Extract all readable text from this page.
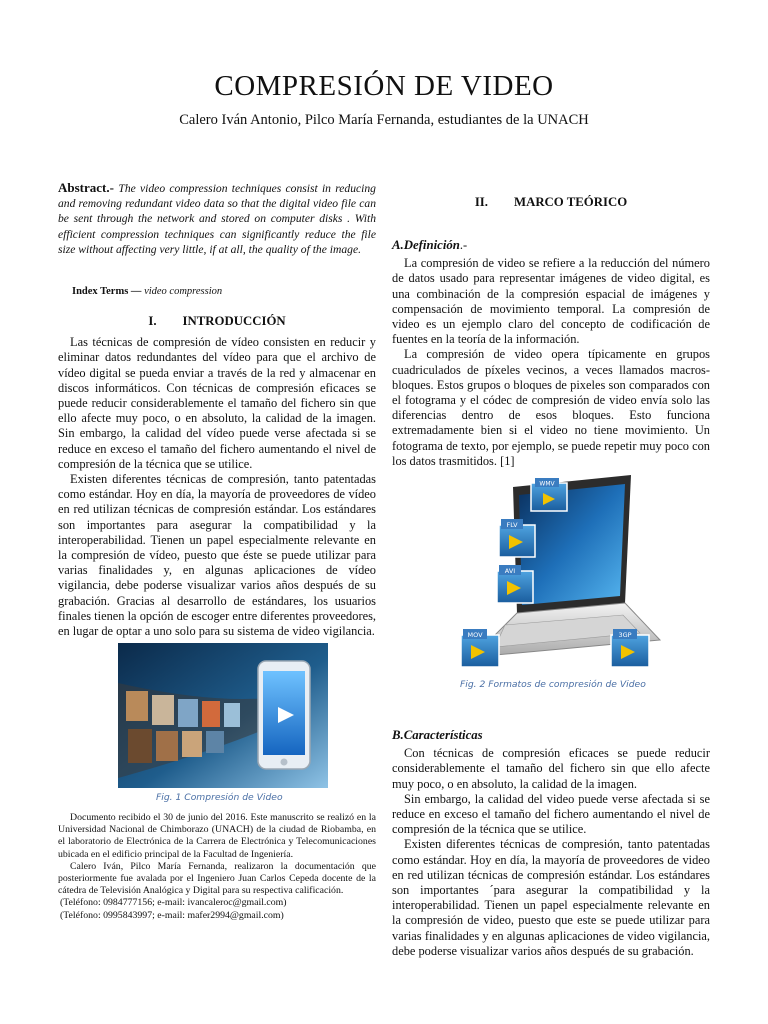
COMPRESIÓN DE VIDEO
Calero Iván Antonio, Pilco María Fernanda, estudiantes de la UNACH
Abstract.- The video compression techniques consist in reducing and removing redundant video data so that the digital video file can be sent through the network and stored on computer disks . With efficient compression techniques can significantly reduce the file size without affecting very little, if at all, the quality of the image.
Index Terms — video compression
I. INTRODUCCIÓN

Las técnicas de compresión de vídeo consisten en reducir y eliminar datos redundantes del vídeo para que el archivo de vídeo digital se pueda enviar a través de la red y almacenar en discos informáticos. Con técnicas de compresión eficaces se puede reducir considerablemente el tamaño del fichero sin que ello afecte muy poco, o en absoluto, la calidad de la imagen. Sin embargo, la calidad del vídeo puede verse afectada si se reduce en exceso el tamaño del fichero aumentando el nivel de compresión de la técnica que se utilice.

Existen diferentes técnicas de compresión, tanto patentadas como estándar. Hoy en día, la mayoría de proveedores de vídeo en red utilizan técnicas de compresión estándar. Los estándares son importantes para asegurar la compatibilidad y la interoperabilidad. Tienen un papel especialmente relevante en la compresión de vídeo, puesto que éste se puede utilizar para varias finalidades y, en algunas aplicaciones de vídeo vigilancia, debe poderse visualizar varios años después de su grabación. Gracias al desarrollo de estándares, los usuarios finales tienen la opción de escoger entre diferentes proveedores, en lugar de optar a uno solo para su sistema de video vigilancia.

Fig. 1 Compresión de Video

Documento recibido el 30 de junio del 2016. Este manuscrito se realizó en la Universidad Nacional de Chimborazo (UNACH) de la ciudad de Riobamba, en el laboratorio de Electrónica de la Carrera de Electrónica y Telecomunicaciones ubicada en el edificio principal de la Facultad de Ingeniería.

Calero Iván, Pilco María Fernanda, realizaron la documentación que posteriormente fue avalada por el Ingeniero Juan Carlos Cepeda docente de la cátedra de Televisión Analógica y Digital para su respectiva calificación.

(Teléfono: 0984777156; e-mail: ivancaleroc@gmail.com)

(Teléfono: 0995843997; e-mail: mafer2994@gmail.com)

II. MARCO TEÓRICO
A.Definición.-

La compresión de video se refiere a la reducción del número de datos usado para representar imágenes de video digital, es una combinación de la compresión espacial de imágenes y compensación de movimiento temporal. La compresión de video es un ejemplo claro del concepto de codificación de fuentes en la teoría de la información.

La compresión de video opera típicamente en grupos cuadriculados de píxeles vecinos, a veces llamados macros-bloques. Estos grupos o bloques de pixeles son comparados con el fotograma y el códec de compresión de video envía solo las diferencias dentro de esos bloques. Esto funciona extremadamente bien si el video no tiene movimiento. Un fotograma de texto, por ejemplo, se puede repetir muy poco con los datos trasmitidos. [1]

WMV
FLV
AVI
MOV	3GP
Fig. 2 Formatos de compresión de Video
B.Características

Con técnicas de compresión eficaces se puede reducir considerablemente el tamaño del fichero sin que ello afecte muy poco, o en absoluto, la calidad de la imagen.

Sin embargo, la calidad del video puede verse afectada si se reduce en exceso el tamaño del fichero aumentando el nivel de compresión de la técnica que se utilice.

Existen diferentes técnicas de compresión, tanto patentadas como estándar. Hoy en día, la mayoría de proveedores de video en red utilizan técnicas de compresión estándar. Los estándares son importantes ´para asegurar la compatibilidad y la interoperabilidad. Tienen un papel especialmente relevante en la compresión de video, puesto que este se puede utilizar para varias finalidades y en algunas aplicaciones de video vigilancia, debe poderse visualizar varios años después de su grabación.
